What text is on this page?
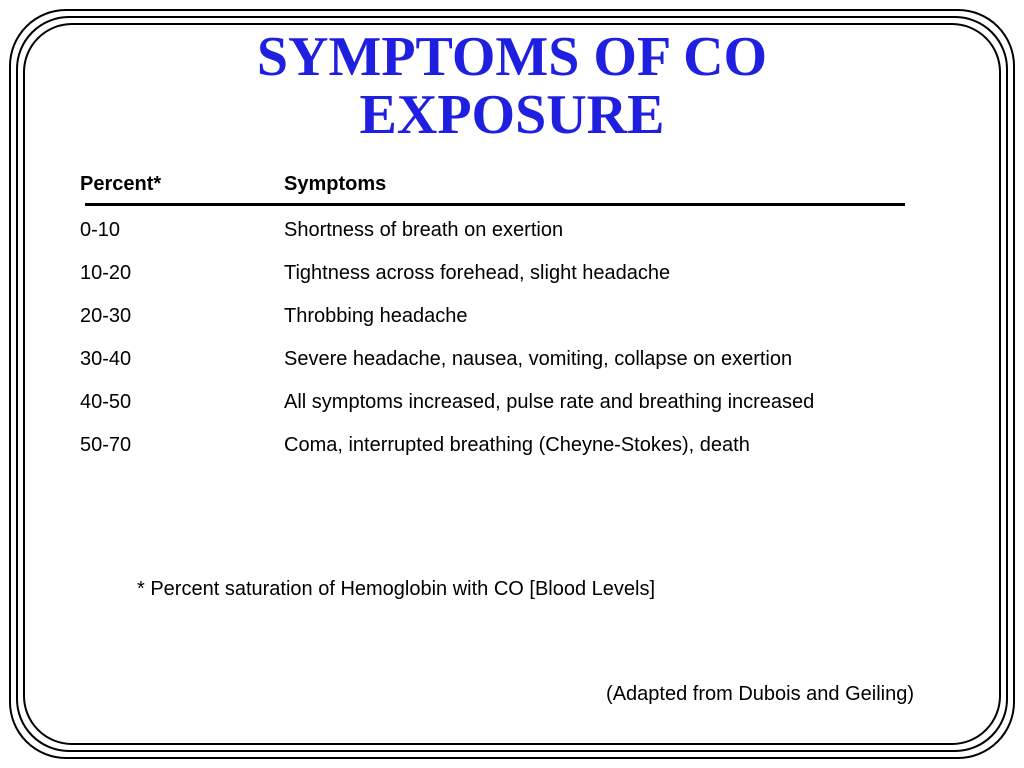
SYMPTOMS OF CO
EXPOSURE
Percent*	Symptoms
0-10	Shortness of breath on exertion
10-20	Tightness across forehead, slight headache
20-30	Throbbing headache
30-40	Severe headache, nausea, vomiting, collapse on exertion
40-50	All symptoms increased, pulse rate and breathing increased
50-70	Coma, interrupted breathing (Cheyne-Stokes), death
* Percent saturation of Hemoglobin with CO [Blood Levels]
(Adapted from Dubois and Geiling)
